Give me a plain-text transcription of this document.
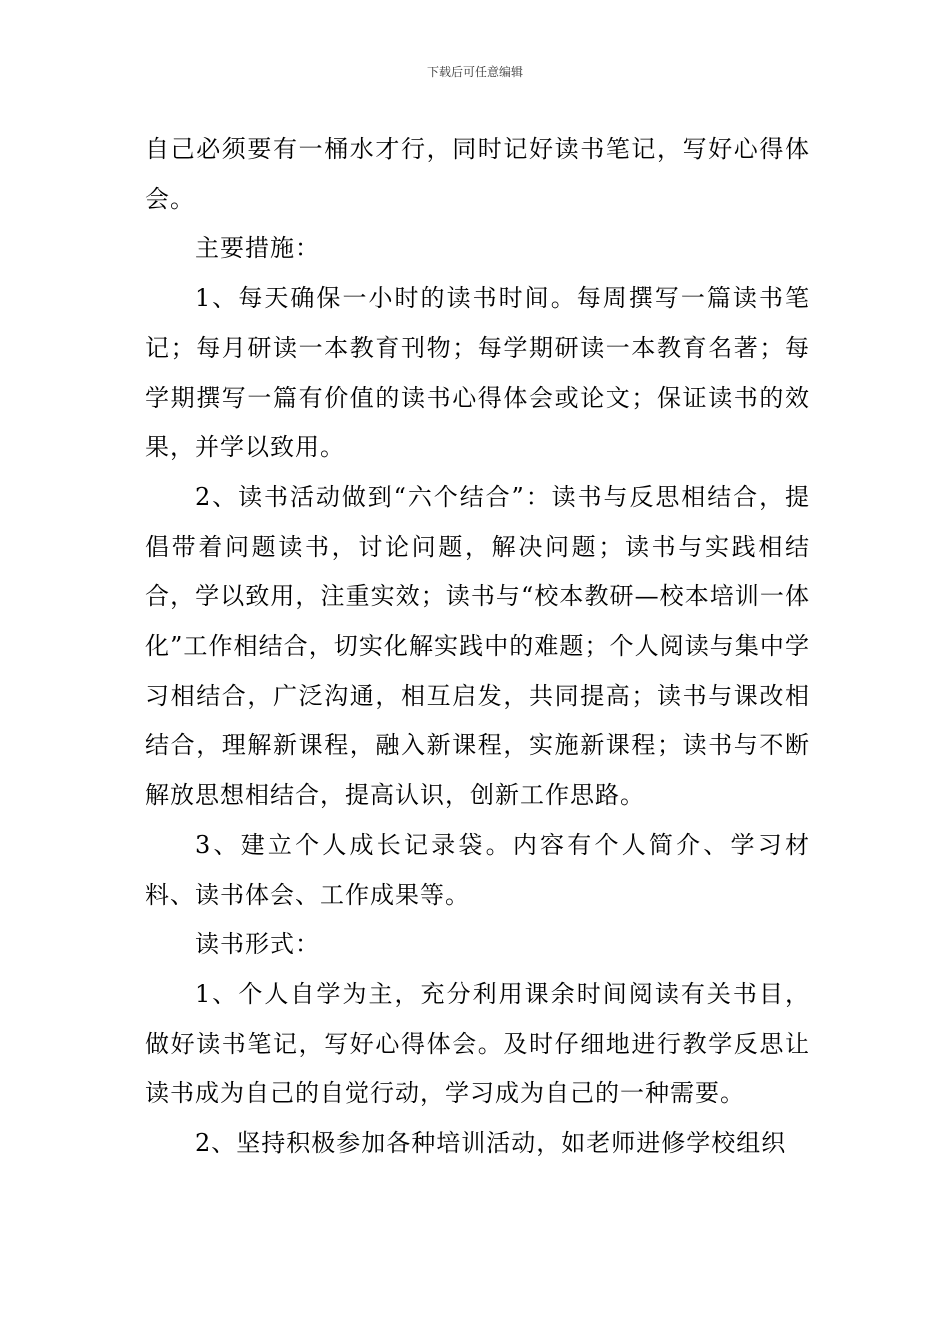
下载后可任意编辑

自己必须要有一桶水才行，同时记好读书笔记，写好心得体会。

主要措施：

1、每天确保一小时的读书时间。每周撰写一篇读书笔记；每月研读一本教育刊物；每学期研读一本教育名著；每学期撰写一篇有价值的读书心得体会或论文；保证读书的效果，并学以致用。

2、读书活动做到“六个结合”：读书与反思相结合，提倡带着问题读书，讨论问题，解决问题；读书与实践相结合，学以致用，注重实效；读书与“校本教研—校本培训一体化”工作相结合，切实化解实践中的难题；个人阅读与集中学习相结合，广泛沟通，相互启发，共同提高；读书与课改相结合，理解新课程，融入新课程，实施新课程；读书与不断解放思想相结合，提高认识，创新工作思路。

3、建立个人成长记录袋。内容有个人简介、学习材料、读书体会、工作成果等。

读书形式：

1、个人自学为主，充分利用课余时间阅读有关书目，做好读书笔记，写好心得体会。及时仔细地进行教学反思让读书成为自己的自觉行动，学习成为自己的一种需要。

2、坚持积极参加各种培训活动，如老师进修学校组织
